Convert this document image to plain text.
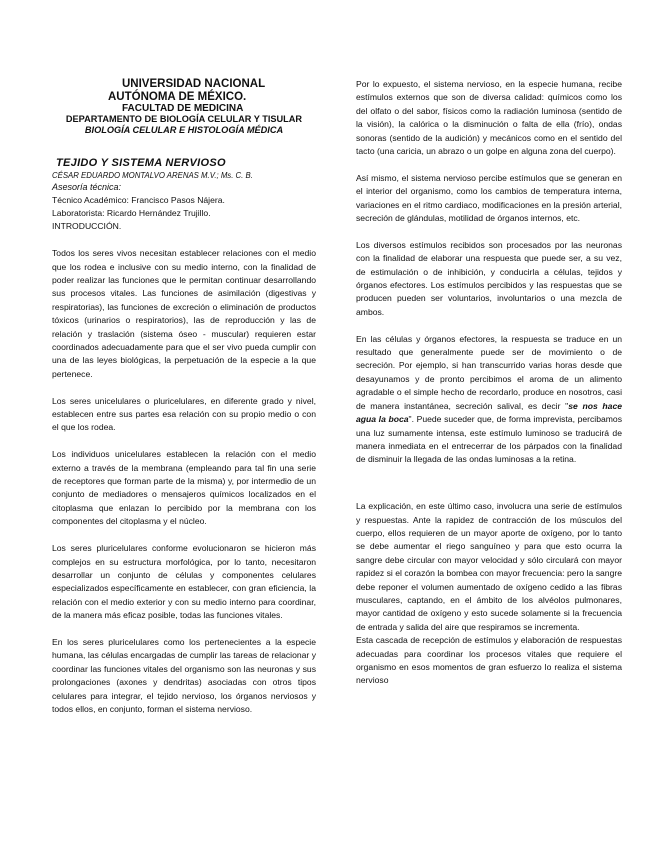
UNIVERSIDAD NACIONAL
AUTÓNOMA DE MÉXICO.
FACULTAD DE MEDICINA
DEPARTAMENTO DE BIOLOGÍA CELULAR Y TISULAR
BIOLOGÍA CELULAR E HISTOLOGÍA MÉDICA
TEJIDO Y SISTEMA NERVIOSO
CÉSAR EDUARDO MONTALVO ARENAS M.V.; Ms. C. B.
Asesoría técnica:
Técnico Académico: Francisco Pasos Nájera.
Laboratorista: Ricardo Hernández Trujillo.
INTRODUCCIÓN.

Todos los seres vivos necesitan establecer relaciones con el medio que los rodea e inclusive con su medio interno, con la finalidad de poder realizar las funciones que le permitan continuar desarrollando sus procesos vitales. Las funciones de asimilación (digestivas y respiratorias), las funciones de excreción o eliminación de productos tóxicos (urinarios o respiratorios), las de reproducción y las de relación y traslación (sistema óseo - muscular) requieren estar coordinados adecuadamente para que el ser vivo pueda cumplir con una de las leyes biológicas, la perpetuación de la especie a la que pertenece.

Los seres unicelulares o pluricelulares, en diferente grado y nivel, establecen entre sus partes esa relación con su propio medio o con el que los rodea.

Los individuos unicelulares establecen la relación con el medio externo a través de la membrana (empleando para tal fin una serie de receptores que forman parte de la misma) y, por intermedio de un conjunto de mediadores o mensajeros químicos localizados en el citoplasma que enlazan lo percibido por la membrana con los componentes del citoplasma y el núcleo.

Los seres pluricelulares conforme evolucionaron se hicieron más complejos en su estructura morfológica, por lo tanto, necesitaron desarrollar un conjunto de células y componentes celulares especializados específicamente en establecer, con gran eficiencia, la relación con el medio exterior y con su medio interno para coordinar, de la manera más eficaz posible, todas las funciones vitales.

En los seres pluricelulares como los pertenecientes a la especie humana, las células encargadas de cumplir las tareas de relacionar y coordinar las funciones vitales del organismo son las neuronas y sus prolongaciones (axones y dendritas) asociadas con otros tipos celulares para integrar, el tejido nervioso, los órganos nerviosos y todos ellos, en conjunto, forman el sistema nervioso.

Por lo expuesto, el sistema nervioso, en la especie humana, recibe estímulos externos que son de diversa calidad: químicos como los del olfato o del sabor, físicos como la radiación luminosa (sentido de la visión), la calórica o la disminución o falta de ella (frío), ondas sonoras (sentido de la audición) y mecánicos como en el sentido del tacto (una caricia, un abrazo o un golpe en alguna zona del cuerpo).

Así mismo, el sistema nervioso percibe estímulos que se generan en el interior del organismo, como los cambios de temperatura interna, variaciones en el ritmo cardiaco, modificaciones en la presión arterial, secreción de glándulas, motilidad de órganos internos, etc.

Los diversos estímulos recibidos son procesados por las neuronas con la finalidad de elaborar una respuesta que puede ser, a su vez, de estimulación o de inhibición, y conducirla a células, tejidos y órganos efectores. Los estímulos percibidos y las respuestas que se producen pueden ser voluntarios, involuntarios o una mezcla de ambos.

En las células y órganos efectores, la respuesta se traduce en un resultado que generalmente puede ser de movimiento o de secreción. Por ejemplo, si han transcurrido varias horas desde que desayunamos y de pronto percibimos el aroma de un alimento agradable o el simple hecho de recordarlo, produce en nosotros, casi de manera instantánea, secreción salival, es decir "se nos hace agua la boca". Puede suceder que, de forma imprevista, percibamos una luz sumamente intensa, este estímulo luminoso se traducirá de manera inmediata en el entrecerrar de los párpados con la finalidad de disminuir la llegada de las ondas luminosas a la retina.

La explicación, en este último caso, involucra una serie de estímulos y respuestas. Ante la rapidez de contracción de los músculos del cuerpo, ellos requieren de un mayor aporte de oxígeno, por lo tanto se debe aumentar el riego sanguíneo y para que esto ocurra la sangre debe circular con mayor velocidad y sólo circulará con mayor rapidez si el corazón la bombea con mayor frecuencia: pero la sangre debe reponer el volumen aumentado de oxígeno cedido a las fibras musculares, captando, en el ámbito de los alvéolos pulmonares, mayor cantidad de oxígeno y esto sucede solamente si la frecuencia de entrada y salida del aire que respiramos se incrementa.

Esta cascada de recepción de estímulos y elaboración de respuestas adecuadas para coordinar los procesos vitales que requiere el organismo en esos momentos de gran esfuerzo lo realiza el sistema nervioso
